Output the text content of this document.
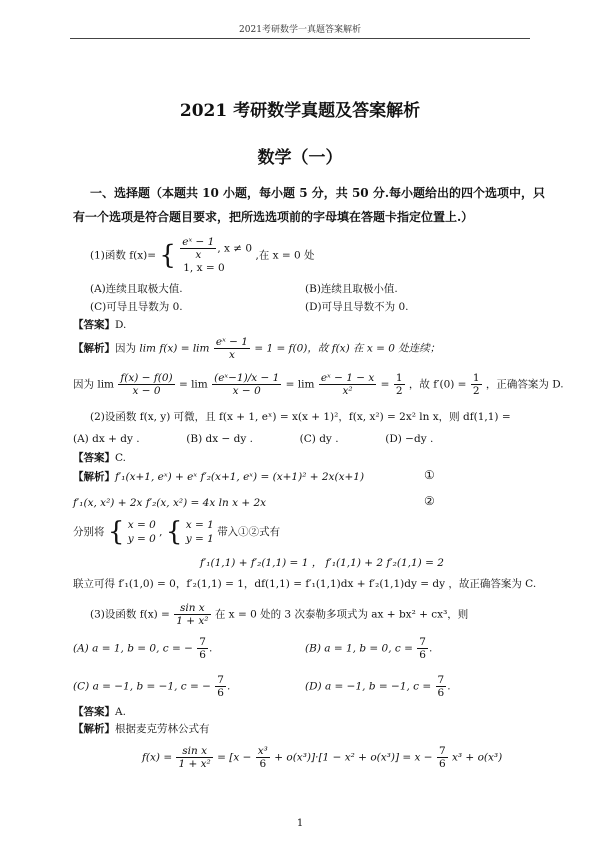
2021考研数学一真题答案解析
2021 考研数学真题及答案解析
数学（一）
一、选择题（本题共 10 小题，每小题 5 分，共 50 分.每小题给出的四个选项中，只
有一个选项是符合题目要求，把所选选项前的字母填在答题卡指定位置上.）
(1)函数 f(x)= { $\frac{\text{eˣ − 1}}{x}$ , x ≠ 0
1, x = 0
,在 x = 0 处
(A)连续且取极大值.	(B)连续且取极小值.
(C)可导且导数为 0.	(D)可导且导数不为 0.
【答案】D.
【解析】因为 $\lim f(x) = \lim \frac{\text{eˣ − 1}}{x} = 1 = f(0)$，故 f(x) 在 x = 0 处连续；
因为 $\lim \frac{f(x) - f(0)}{x - 0} = \lim \frac{\text{(eˣ−1)/x − 1}}{x - 0} = \lim \frac{\text{eˣ − 1 − x}}{\text{x²}} = \frac{1}{2}$ ，故 $f'(0) = \frac{1}{2}$ ，正确答案为 D.
(2)设函数 f(x, y) 可微，且 f(x + 1, eˣ) = x(x + 1)²，f(x, x²) = 2x² ln x，则 df(1,1) =
(A) dx + dy .	(B) dx − dy .	(C) dy .	(D) −dy .
【答案】C.
【解析】f′₁(x+1, eˣ) + eˣ f′₂(x+1, eˣ) = (x+1)² + 2x(x+1)	①
f′₁(x, x²) + 2x f′₂(x, x²) = 4x ln x + 2x	②
分别将 { x = 0
y = 0
, { x = 1
y = 1
带入①②式有
f′₁(1,1) + f′₂(1,1) = 1 ， f′₁(1,1) + 2 f′₂(1,1) = 2
联立可得 f′₁(1,0) = 0，f′₂(1,1) = 1，df(1,1) = f′₁(1,1)dx + f′₂(1,1)dy = dy ，故正确答案为 C.
(3)设函数 $f(x) = \frac{\text{sin x}}{\text{1 + x²}}$ 在 x = 0 处的 3 次泰勒多项式为 ax + bx² + cx³，则
(A) a = 1, b = 0, c = − $\frac{7}{6}$ .	(B) a = 1, b = 0, $c = \frac{7}{6}$ .
(C) a = −1, b = −1, c = − $\frac{7}{6}$ .	(D) a = −1, b = −1, $c = \frac{7}{6}$ .
【答案】A.
【解析】根据麦克劳林公式有
$f(x) = \frac{\text{sin x}}{\text{1 + x²}} = [x - \frac{\text{x³}}{6} + o(x^3)]\cdot[1 - x^2 + o(x^3)] = x - \frac{7}{6} x^3 + o(x^3)$
1
